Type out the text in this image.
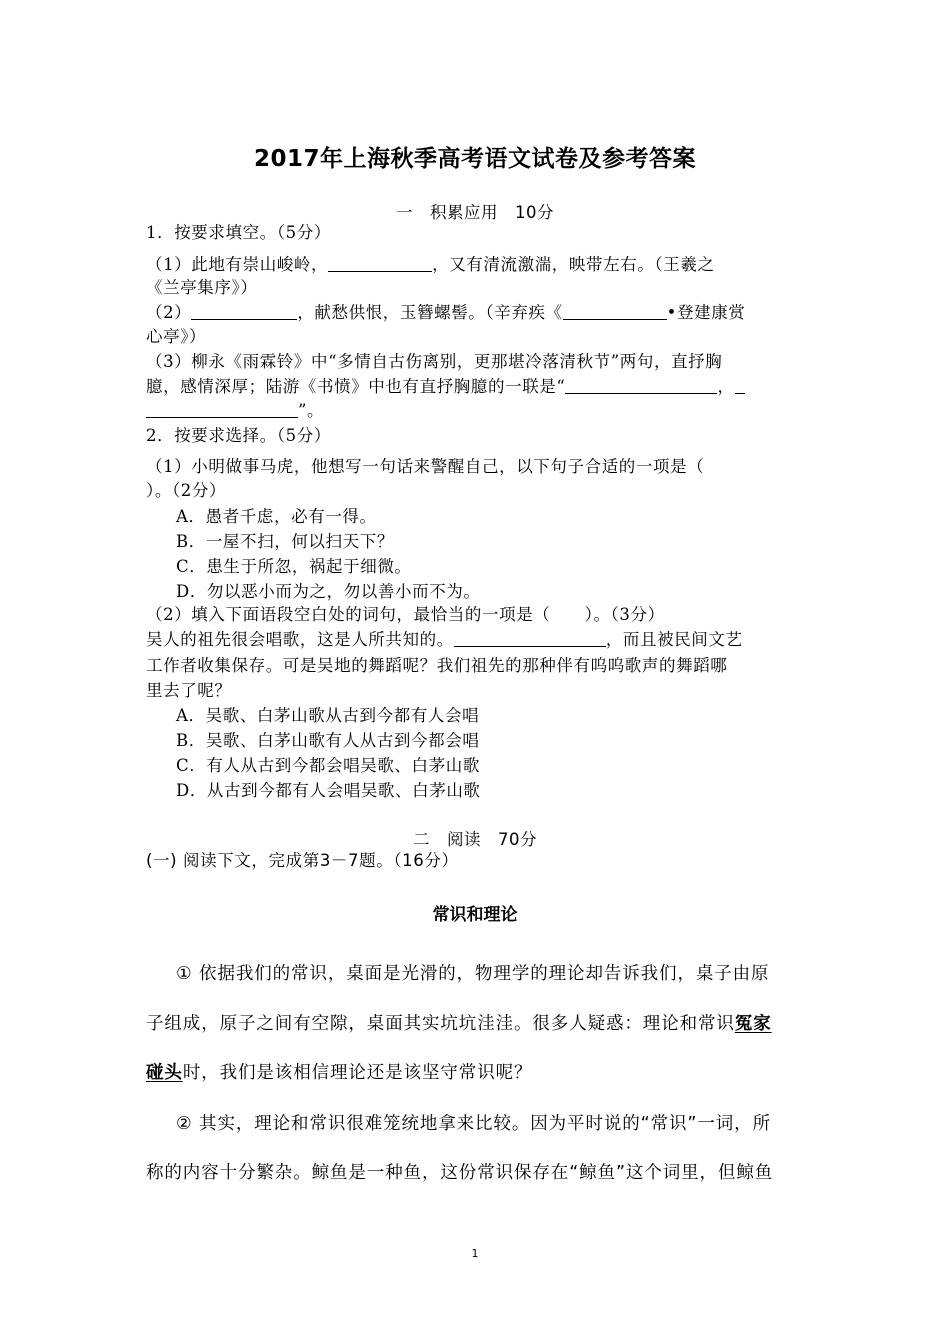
2017年上海秋季高考语文试卷及参考答案
一　积累应用　10分
1．按要求填空。（5分）
（1）此地有崇山峻岭，	，又有清流激湍，映带左右。（王羲之
《兰亭集序》）
（2）	，献愁供恨，玉簪螺髻。（辛弃疾《	•登建康赏
心亭》）
（3）柳永《雨霖铃》中“多情自古伤离别，更那堪冷落清秋节”两句，直抒胸
臆，感情深厚；陆游《书愤》中也有直抒胸臆的一联是“	，
”。
2．按要求选择。（5分）
（1）小明做事马虎，他想写一句话来警醒自己，以下句子合适的一项是（
）。（2分）
A．愚者千虑，必有一得。
B．一屋不扫，何以扫天下？
C．患生于所忽，祸起于细微。
D．勿以恶小而为之，勿以善小而不为。
（2）填入下面语段空白处的词句，最恰当的一项是（　　）。（3分）
吴人的祖先很会唱歌，这是人所共知的。	，而且被民间文艺
工作者收集保存。可是吴地的舞蹈呢？我们祖先的那种伴有呜呜歌声的舞蹈哪
里去了呢？
A．吴歌、白茅山歌从古到今都有人会唱
B．吴歌、白茅山歌有人从古到今都会唱
C．有人从古到今都会唱吴歌、白茅山歌
D．从古到今都有人会唱吴歌、白茅山歌
二　阅读　70分
(一) 阅读下文，完成第3－7题。（16分）
常识和理论
① 依据我们的常识，桌面是光滑的，物理学的理论却告诉我们，桌子由原
子组成，原子之间有空隙，桌面其实坑坑洼洼。很多人疑惑：理论和常识冤家
碰头时，我们是该相信理论还是该坚守常识呢？
② 其实，理论和常识很难笼统地拿来比较。因为平时说的“常识”一词，所
称的内容十分繁杂。鲸鱼是一种鱼，这份常识保存在“鲸鱼”这个词里，但鲸鱼
1
